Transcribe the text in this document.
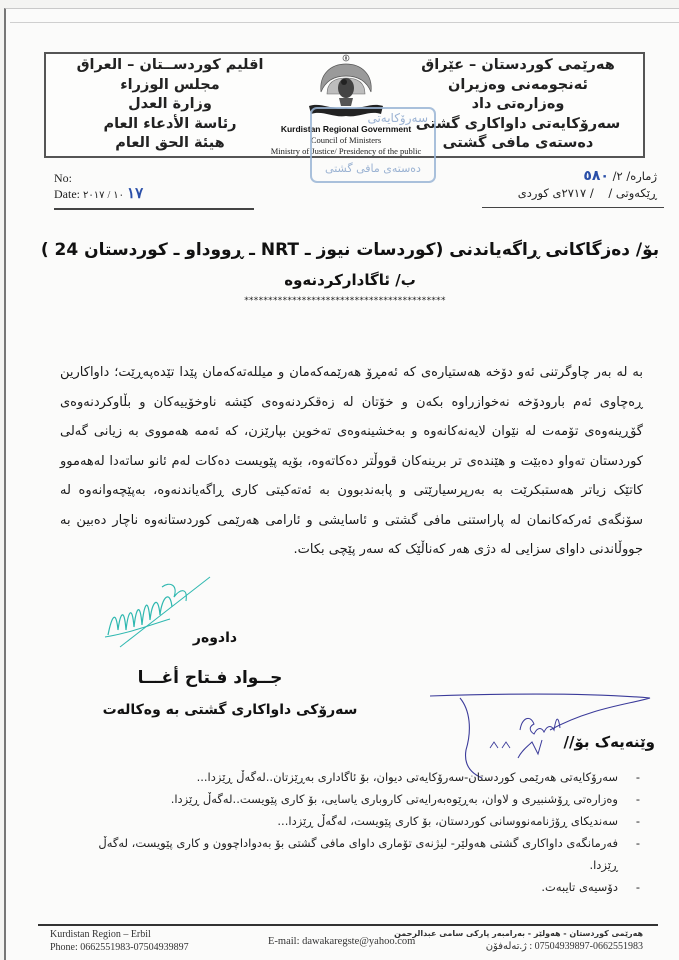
اقليم كوردســتان – العراق
مجلس الوزراء
وزارة العدل
رئاسة الأدعاء العام
هيئة الحق العام
Kurdistan Regional Government
Council of Ministers
Ministry of Justice/ Presidency of the public
هەرێمی کوردستان – عێراق
ئەنجومەنی وەزیران
وەزارەتی داد
سەرۆکایەتی داواکاری گشتی
دەستەی مافی گشتی
سەرۆکایەتی
دەستەی مافی گشتی
No:
Date:	١٧ ١٠ / ٢٠١٧
ژمارە/ ٢/ ٥٨٠
ڕێکەوتی /    / ٢٧١٧ی کوردی
بۆ/ دەزگاکانی ڕاگەیاندنی (کوردسات نیوز ـ NRT ـ ڕووداو ـ کوردستان 24 )
ب/ ئاگادارکردنەوە
******************************************

بە لە بەر چاوگرتنی ئەو دۆخە هەستیارەی کە ئەمڕۆ هەرێمەکەمان و میللەتەکەمان پێدا تێدەپەڕێت؛ داواکارین ڕەچاوی ئەم بارودۆخە نەخوازراوە بکەن و خۆتان لە زەقکردنەوەی کێشە ناوخۆییەکان و بڵاوکردنەوەی گۆڕینەوەی تۆمەت لە نێوان لایەنەکانەوە و بەخشینەوەی تەخوین بپارێزن، کە ئەمە هەمووی بە زیانی گەلی کوردستان تەواو دەبێت و هێندەی تر برینەکان قووڵتر دەکاتەوە، بۆیە پێویست دەکات لەم ئانو ساتەدا لەهەموو کاتێک زیاتر هەستبکرێت بە بەرپرسیارێتی و پابەندبوون بە ئەتەکیتی کاری ڕاگەیاندنەوە، بەپێچەوانەوە لە سۆنگەی ئەرکەکانمان لە پاراستنی مافی گشتی و ئاسایشی و ئارامی هەرێمی کوردستانەوە ناچار دەبین بە جووڵاندنی داوای سزایی لە دژی هەر کەناڵێک کە سەر پێچی بکات.

دادوەر
جــواد فـتاح أغـــا
سەرۆکی داواکاری گشتی بە وەکالەت
وێنەیەک بۆ//
-
سەرۆکایەتی هەرێمی کوردستان-سەرۆکایەتی دیوان، بۆ ئاگاداری بەڕێزتان..لەگەڵ ڕێزدا...
-
وەزارەتی ڕۆشنبیری و لاوان، بەڕێوەبەرایەتی کاروباری یاسایی، بۆ کاری پێویست..لەگەڵ ڕێزدا.
-
سەندیکای ڕۆژنامەنووسانی کوردستان، بۆ کاری پێویست، لەگەڵ ڕێزدا...
-
فەرمانگەی داواکاری گشتی هەولێر- لیژنەی تۆماری داوای مافی گشتی بۆ بەدواداچوون و کاری پێویست، لەگەڵ ڕێزدا.
-
دۆسیەی تایبەت.
Kurdistan Region – Erbil
Phone: 0662551983-07504939897
E-mail: dawakaregste@yahoo.com
هەرێمی کوردستان - هەولێر - بەرامبەر پارکی سامی عبدالرحمن
07504939897-0662551983 : ژ.تەلەفۆن
